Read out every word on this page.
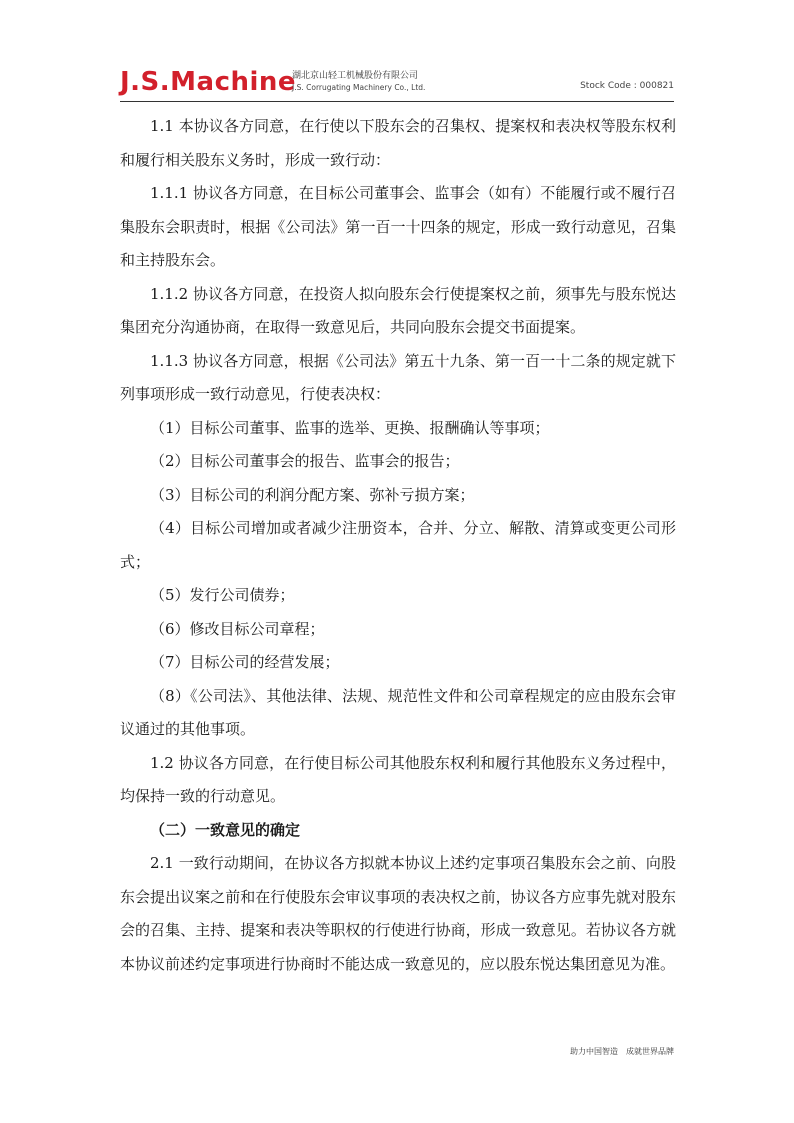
J.S.Machine
湖北京山轻工机械股份有限公司
J.S. Corrugating Machinery Co., Ltd.	Stock Code : 000821

1.1 本协议各方同意，在行使以下股东会的召集权、提案权和表决权等股东权利和履行相关股东义务时，形成一致行动：

1.1.1 协议各方同意，在目标公司董事会、监事会（如有）不能履行或不履行召集股东会职责时，根据《公司法》第一百一十四条的规定，形成一致行动意见，召集和主持股东会。

1.1.2 协议各方同意，在投资人拟向股东会行使提案权之前，须事先与股东悦达集团充分沟通协商，在取得一致意见后，共同向股东会提交书面提案。

1.1.3 协议各方同意，根据《公司法》第五十九条、第一百一十二条的规定就下列事项形成一致行动意见，行使表决权：

（1）目标公司董事、监事的选举、更换、报酬确认等事项；

（2）目标公司董事会的报告、监事会的报告；

（3）目标公司的利润分配方案、弥补亏损方案；

（4）目标公司增加或者减少注册资本，合并、分立、解散、清算或变更公司形式；

（5）发行公司债券；

（6）修改目标公司章程；

（7）目标公司的经营发展；

（8）《公司法》、其他法律、法规、规范性文件和公司章程规定的应由股东会审议通过的其他事项。

1.2 协议各方同意，在行使目标公司其他股东权利和履行其他股东义务过程中，均保持一致的行动意见。

（二）一致意见的确定

2.1 一致行动期间，在协议各方拟就本协议上述约定事项召集股东会之前、向股东会提出议案之前和在行使股东会审议事项的表决权之前，协议各方应事先就对股东会的召集、主持、提案和表决等职权的行使进行协商，形成一致意见。若协议各方就本协议前述约定事项进行协商时不能达成一致意见的，应以股东悦达集团意见为准。

助力中国智造　成就世界品牌
